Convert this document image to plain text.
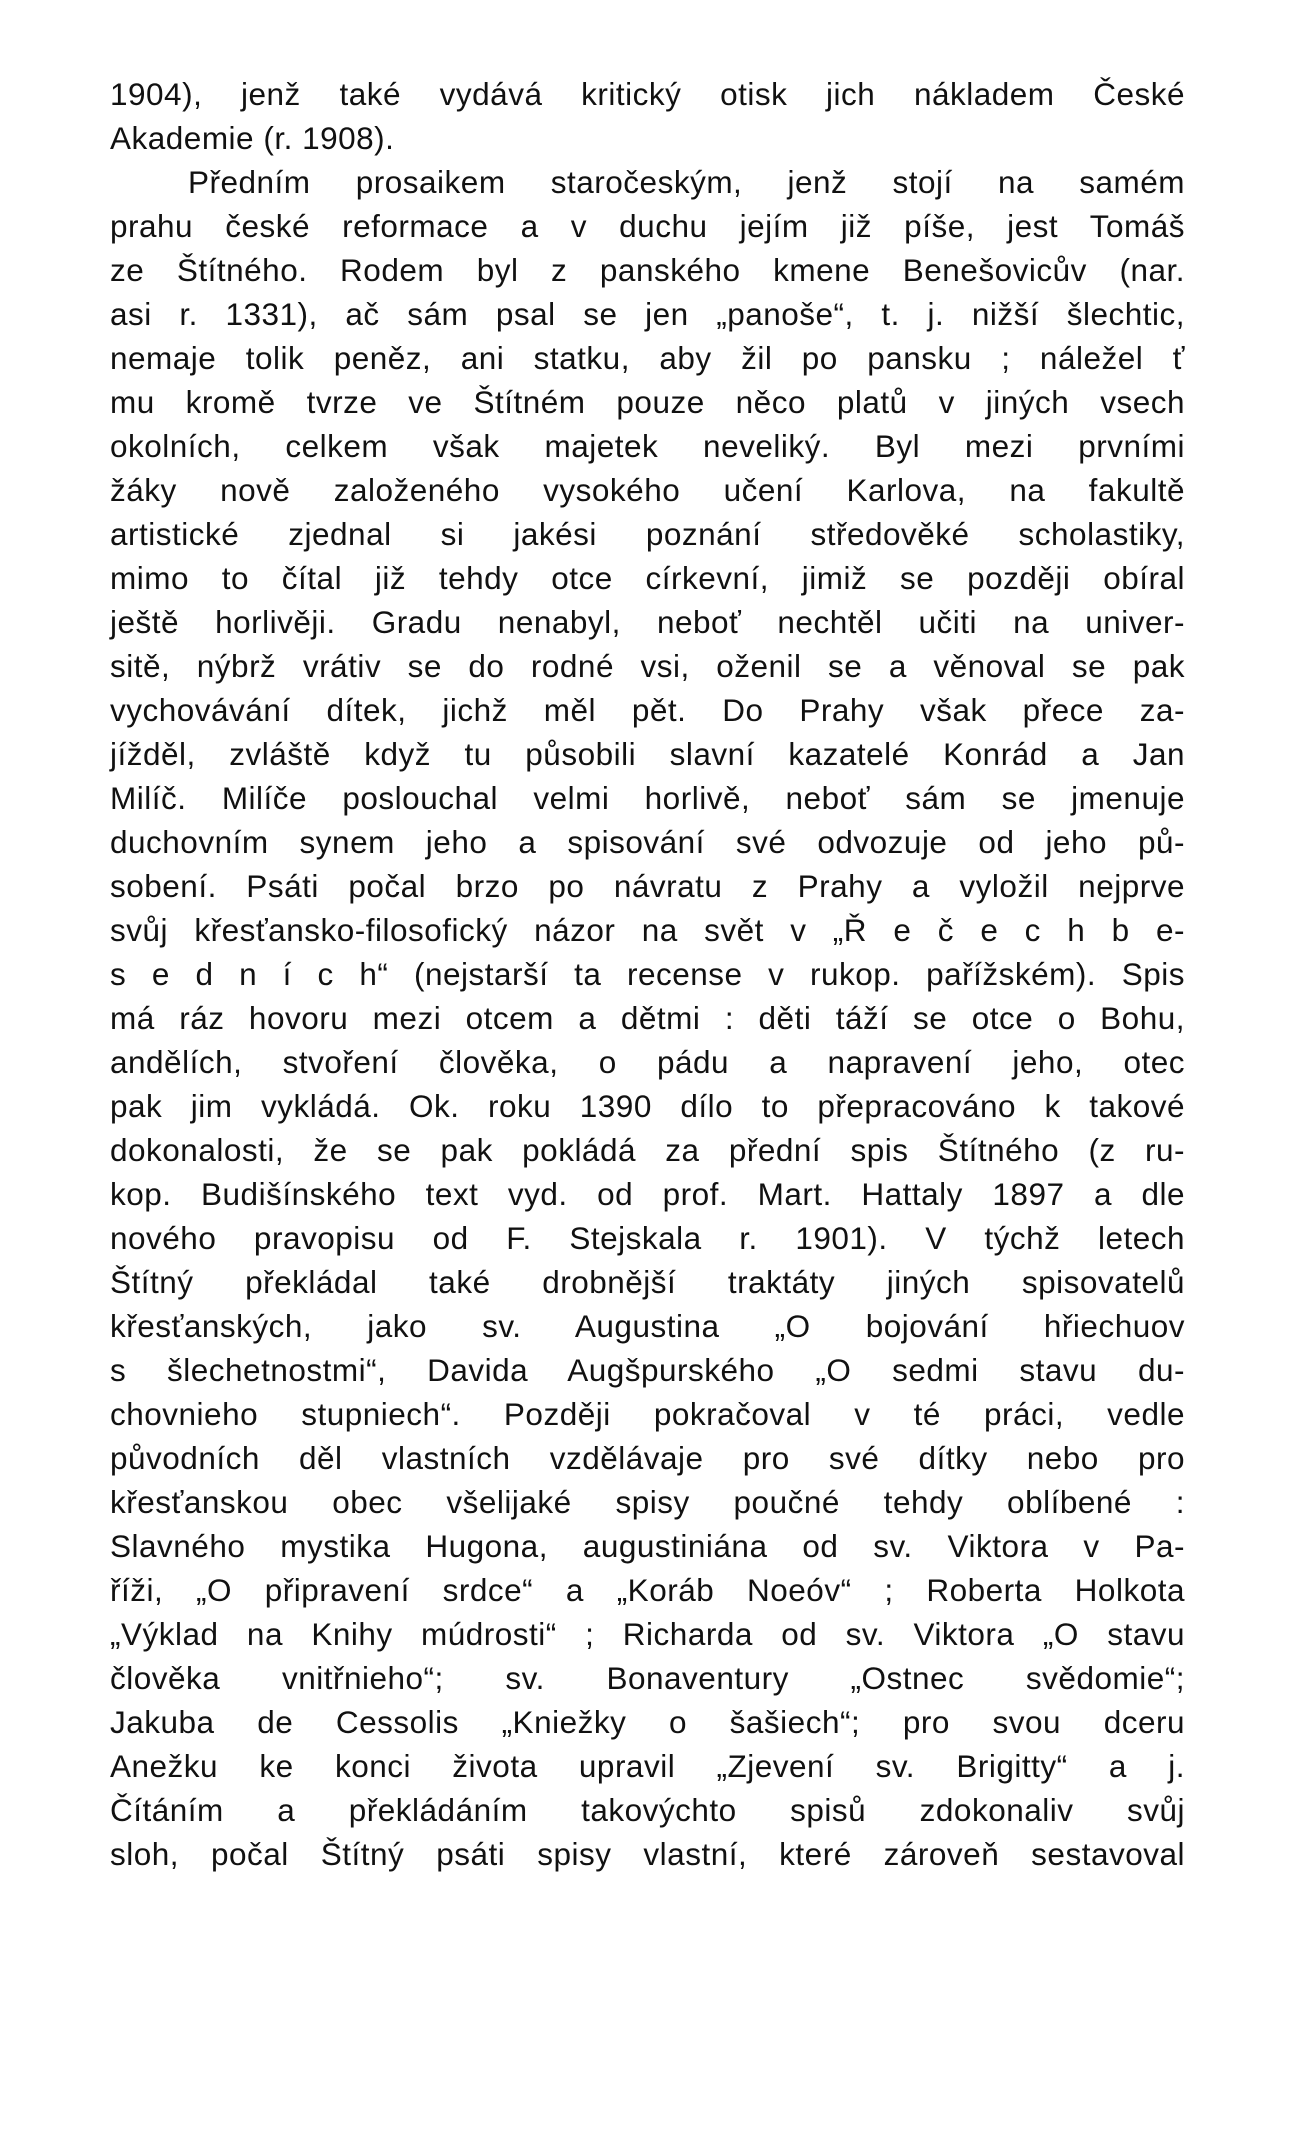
1904), jenž také vydává kritický otisk jich nákladem České
Akademie (r. 1908).
Předním prosaikem staročeským, jenž stojí na samém
prahu české reformace a v duchu jejím již píše, jest Tomáš
ze Štítného. Rodem byl z panského kmene Benešovicův (nar.
asi r. 1331), ač sám psal se jen „panoše“, t. j. nižší šlechtic,
nemaje tolik peněz, ani statku, aby žil po pansku ; náležel ť
mu kromě tvrze ve Štítném pouze něco platů v jiných vsech
okolních, celkem však majetek neveliký. Byl mezi prvními
žáky nově založeného vysokého učení Karlova, na fakultě
artistické zjednal si jakési poznání středověké scholastiky,
mimo to čítal již tehdy otce církevní, jimiž se později obíral
ještě horlivěji. Gradu nenabyl, neboť nechtěl učiti na univer-
sitě, nýbrž vrátiv se do rodné vsi, oženil se a věnoval se pak
vychovávání dítek, jichž měl pět. Do Prahy však přece za-
jížděl, zvláště když tu působili slavní kazatelé Konrád a Jan
Milíč. Milíče poslouchal velmi horlivě, neboť sám se jmenuje
duchovním synem jeho a spisování své odvozuje od jeho pů-
sobení. Psáti počal brzo po návratu z Prahy a vyložil nejprve
svůj křesťansko-filosofický názor na svět v „Ř e č e c h b e-
s e d n í c h“ (nejstarší ta recense v rukop. pařížském). Spis
má ráz hovoru mezi otcem a dětmi : děti táží se otce o Bohu,
andělích, stvoření člověka, o pádu a napravení jeho, otec
pak jim vykládá. Ok. roku 1390 dílo to přepracováno k takové
dokonalosti, že se pak pokládá za přední spis Štítného (z ru-
kop. Budišínského text vyd. od prof. Mart. Hattaly 1897 a dle
nového pravopisu od F. Stejskala r. 1901). V týchž letech
Štítný překládal také drobnější traktáty jiných spisovatelů
křesťanských, jako sv. Augustina „O bojování hřiechuov
s šlechetnostmi“, Davida Augšpurského „O sedmi stavu du-
chovnieho stupniech“. Později pokračoval v té práci, vedle
původních děl vlastních vzdělávaje pro své dítky nebo pro
křesťanskou obec všelijaké spisy poučné tehdy oblíbené :
Slavného mystika Hugona, augustiniána od sv. Viktora v Pa-
říži, „O připravení srdce“ a „Koráb Noeóv“ ; Roberta Holkota
„Výklad na Knihy múdrosti“ ; Richarda od sv. Viktora „O stavu
člověka vnitřnieho“; sv. Bonaventury „Ostnec svědomie“;
Jakuba de Cessolis „Kniežky o šašiech“; pro svou dceru
Anežku ke konci života upravil „Zjevení sv. Brigitty“ a j.
Čítáním a překládáním takovýchto spisů zdokonaliv svůj
sloh, počal Štítný psáti spisy vlastní, které zároveň sestavoval
